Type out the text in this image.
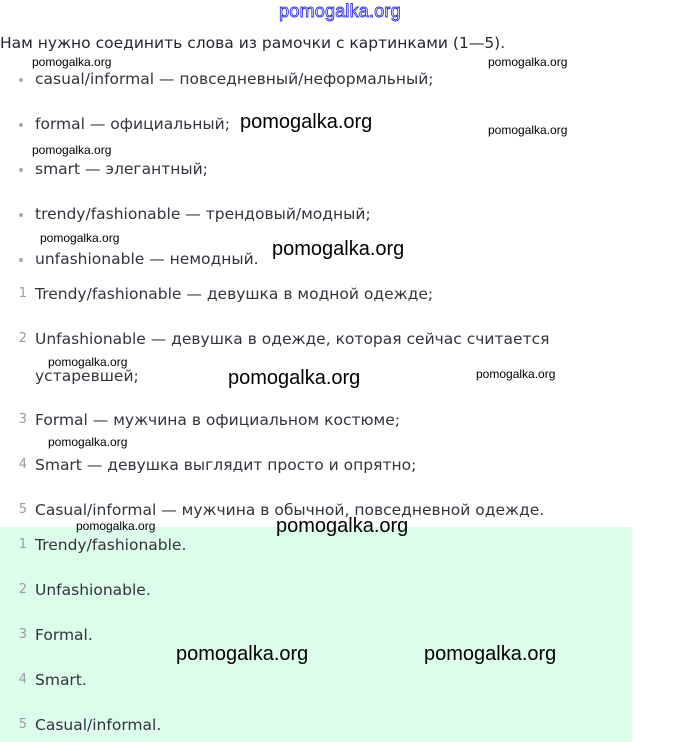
pomogalka.org
Нам нужно соединить слова из рамочки с картинками (1—5).
casual/informal — повседневный/неформальный;
formal — официальный;
smart — элегантный;
trendy/fashionable — трендовый/модный;
unfashionable — немодный.
1 Trendy/fashionable — девушка в модной одежде;
2 Unfashionable — девушка в одежде, которая сейчас считается
устаревшей;
3 Formal — мужчина в официальном костюме;
4 Smart — девушка выглядит просто и опрятно;
5 Casual/informal — мужчина в обычной, повседневной одежде.
1 Trendy/fashionable.
2 Unfashionable.
3 Formal.
4 Smart.
5 Casual/informal.
pomogalka.org	pomogalka.org
pomogalka.org	pomogalka.org
pomogalka.org
pomogalka.org	pomogalka.org
pomogalka.org
pomogalka.org	pomogalka.org
pomogalka.org
pomogalka.org	pomogalka.org
pomogalka.org	pomogalka.org
